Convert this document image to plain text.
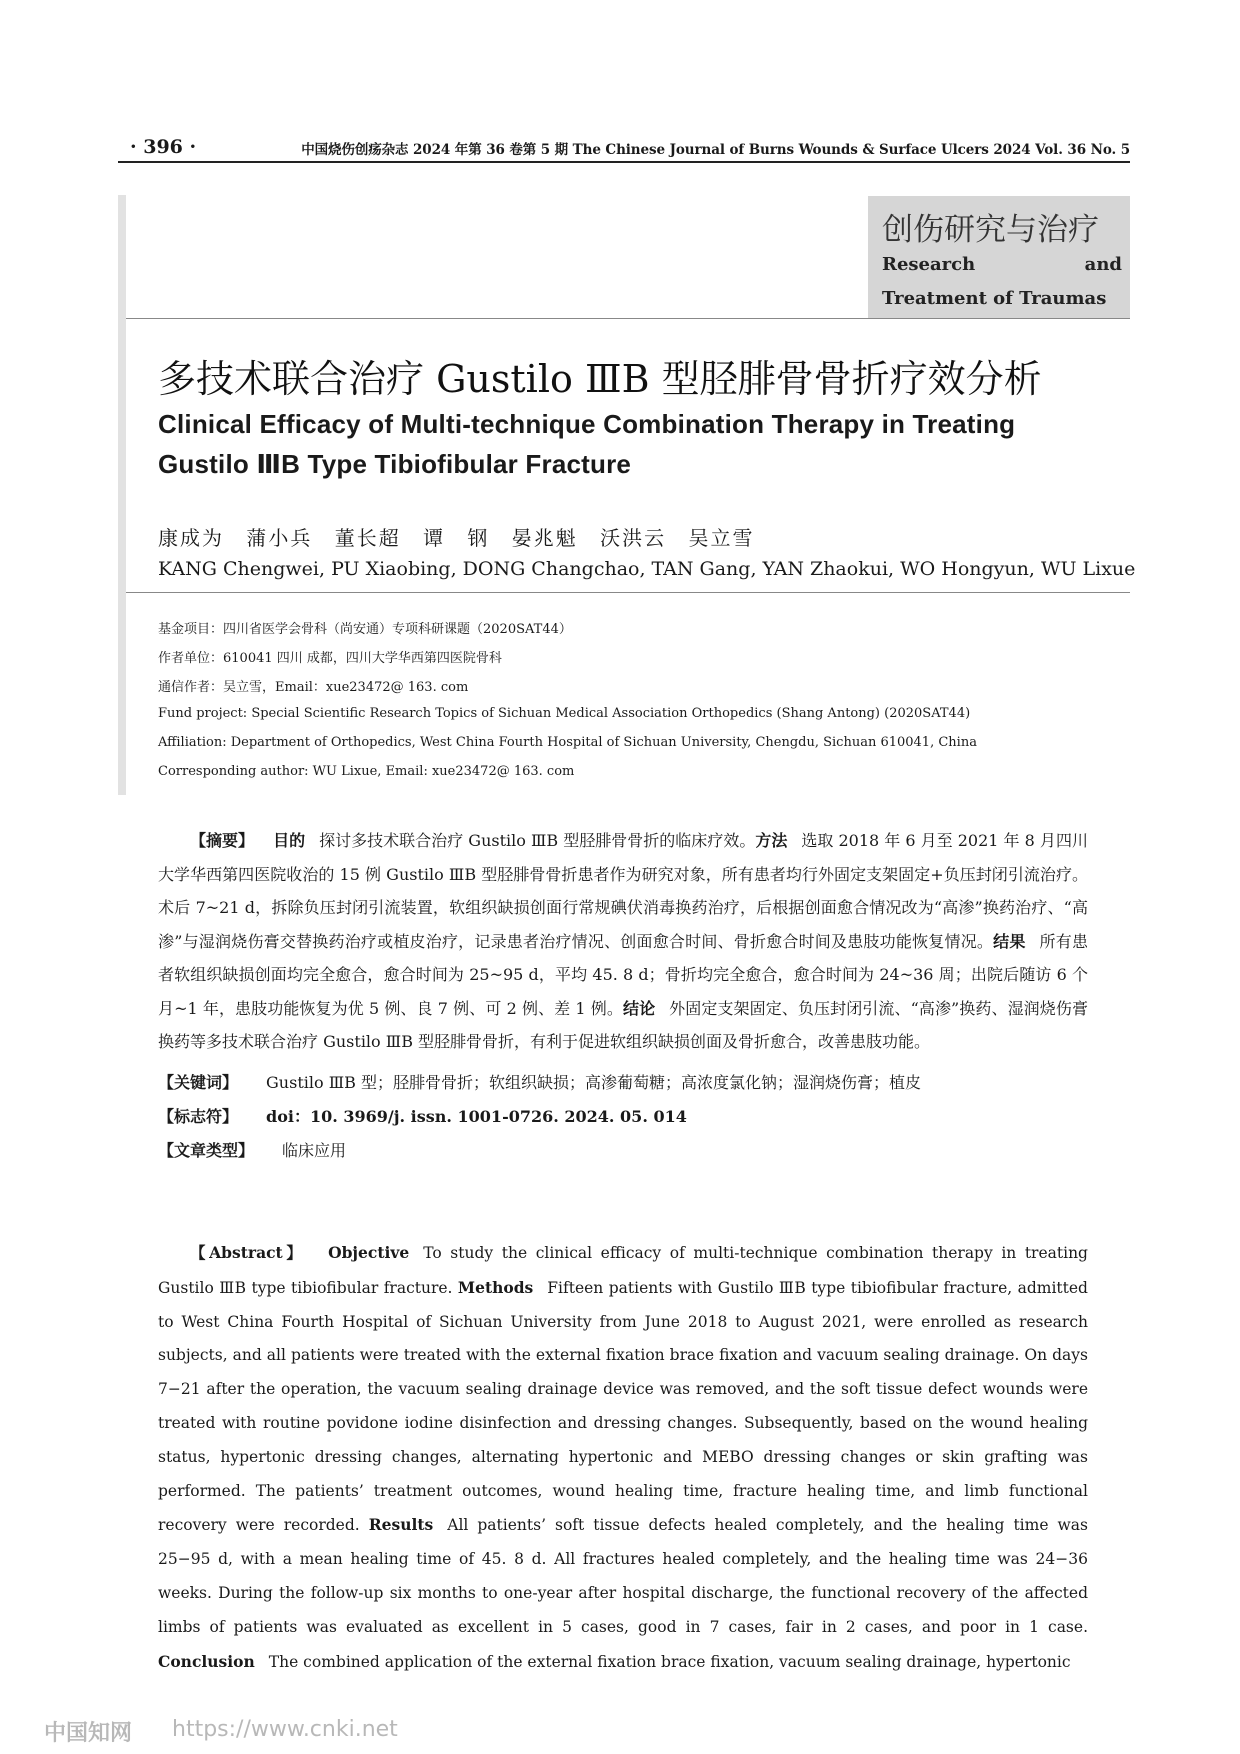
· 396 ·	中国烧伤创疡杂志 2024 年第 36 卷第 5 期 The Chinese Journal of Burns Wounds & Surface Ulcers 2024 Vol. 36 No. 5
创伤研究与治疗
Research and Treatment of Traumas
多技术联合治疗 Gustilo ⅢB 型胫腓骨骨折疗效分析
Clinical Efficacy of Multi-technique Combination Therapy in Treating Gustilo ⅢB Type Tibiofibular Fracture
康成为 蒲小兵 董长超 谭 钢 晏兆魁 沃洪云 吴立雪
KANG Chengwei, PU Xiaobing, DONG Changchao, TAN Gang, YAN Zhaokui, WO Hongyun, WU Lixue
基金项目：四川省医学会骨科（尚安通）专项科研课题（2020SAT44）
作者单位：610041 四川 成都，四川大学华西第四医院骨科
通信作者：吴立雪，Email：xue23472@ 163. com
Fund project: Special Scientific Research Topics of Sichuan Medical Association Orthopedics (Shang Antong) (2020SAT44)
Affiliation: Department of Orthopedics, West China Fourth Hospital of Sichuan University, Chengdu, Sichuan 610041, China
Corresponding author: WU Lixue, Email: xue23472@ 163. com

【摘要】 目的 探讨多技术联合治疗 Gustilo ⅢB 型胫腓骨骨折的临床疗效。方法 选取 2018 年 6 月至 2021 年 8 月四川大学华西第四医院收治的 15 例 Gustilo ⅢB 型胫腓骨骨折患者作为研究对象，所有患者均行外固定支架固定+负压封闭引流治疗。术后 7~21 d，拆除负压封闭引流装置，软组织缺损创面行常规碘伏消毒换药治疗，后根据创面愈合情况改为“高渗”换药治疗、“高渗”与湿润烧伤膏交替换药治疗或植皮治疗，记录患者治疗情况、创面愈合时间、骨折愈合时间及患肢功能恢复情况。结果 所有患者软组织缺损创面均完全愈合，愈合时间为 25~95 d，平均 45. 8 d；骨折均完全愈合，愈合时间为 24~36 周；出院后随访 6 个月~1 年，患肢功能恢复为优 5 例、良 7 例、可 2 例、差 1 例。结论 外固定支架固定、负压封闭引流、“高渗”换药、湿润烧伤膏换药等多技术联合治疗 Gustilo ⅢB 型胫腓骨骨折，有利于促进软组织缺损创面及骨折愈合，改善患肢功能。

【关键词】 Gustilo ⅢB 型；胫腓骨骨折；软组织缺损；高渗葡萄糖；高浓度氯化钠；湿润烧伤膏；植皮
【标志符】 doi：10. 3969/j. issn. 1001-0726. 2024. 05. 014
【文章类型】 临床应用

【Abstract】 Objective To study the clinical efficacy of multi-technique combination therapy in treating Gustilo ⅢB type tibiofibular fracture. Methods Fifteen patients with Gustilo ⅢB type tibiofibular fracture, admitted to West China Fourth Hospital of Sichuan University from June 2018 to August 2021, were enrolled as research subjects, and all patients were treated with the external fixation brace fixation and vacuum sealing drainage. On days 7−21 after the operation, the vacuum sealing drainage device was removed, and the soft tissue defect wounds were treated with routine povidone iodine disinfection and dressing changes. Subsequently, based on the wound healing status, hypertonic dressing changes, alternating hypertonic and MEBO dressing changes or skin grafting was performed. The patients’ treatment outcomes, wound healing time, fracture healing time, and limb functional recovery were recorded. Results All patients’ soft tissue defects healed completely, and the healing time was 25−95 d, with a mean healing time of 45. 8 d. All fractures healed completely, and the healing time was 24−36 weeks. During the follow-up six months to one-year after hospital discharge, the functional recovery of the affected limbs of patients was evaluated as excellent in 5 cases, good in 7 cases, fair in 2 cases, and poor in 1 case. Conclusion The combined application of the external fixation brace fixation, vacuum sealing drainage, hypertonic

中国知网 https://www.cnki.net
